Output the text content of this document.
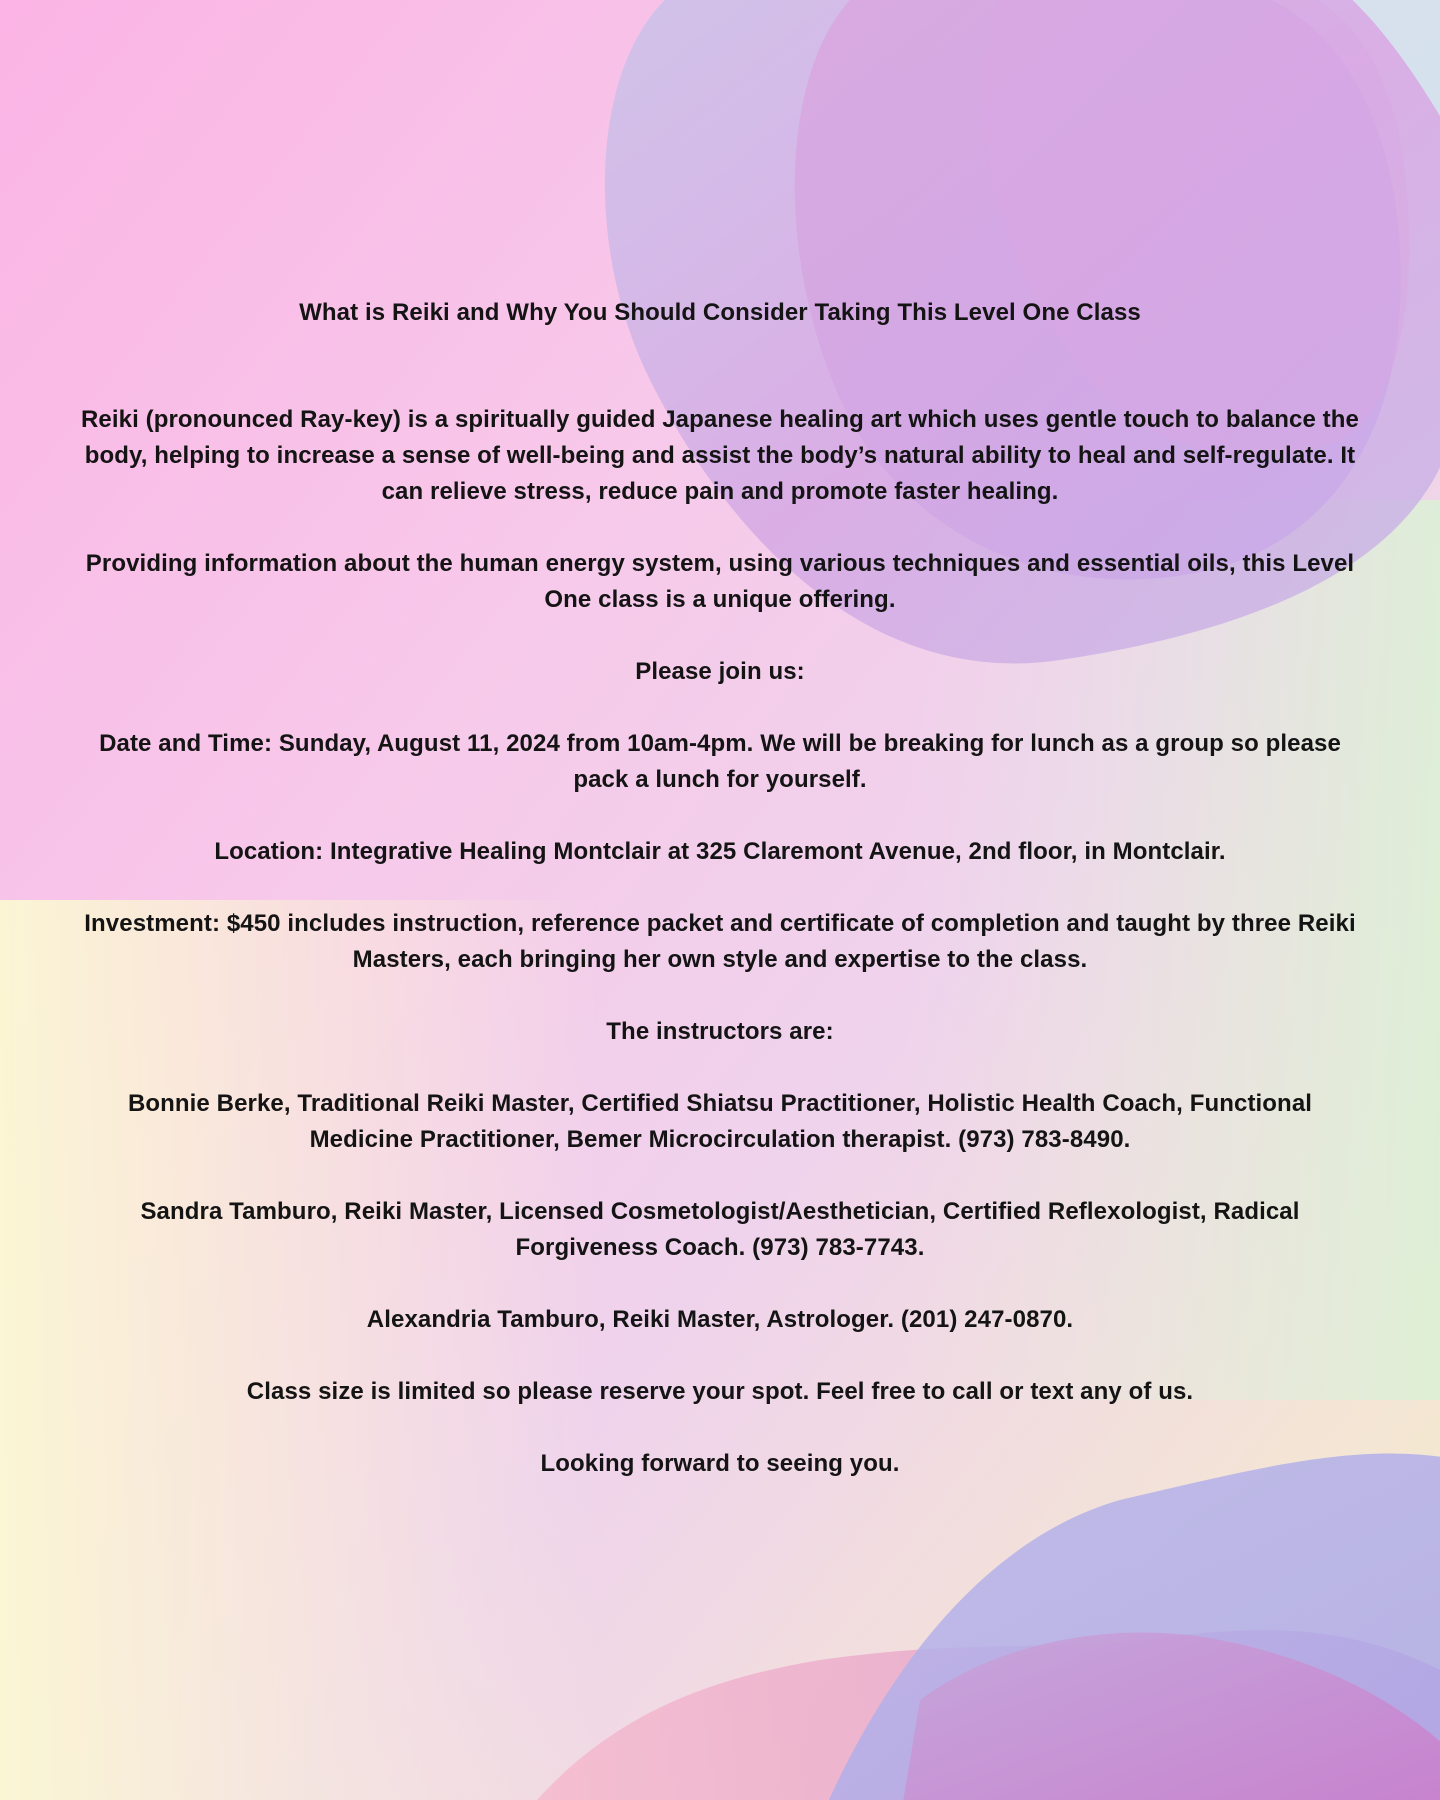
What is Reiki and Why You Should Consider Taking This Level One Class

Reiki (pronounced Ray-key) is a spiritually guided Japanese healing art which uses gentle touch to balance the body, helping to increase a sense of well-being and assist the body’s natural ability to heal and self-regulate. It can relieve stress, reduce pain and promote faster healing.

Providing information about the human energy system, using various techniques and essential oils, this Level One class is a unique offering.

Please join us:

Date and Time: Sunday, August 11, 2024 from 10am-4pm. We will be breaking for lunch as a group so please pack a lunch for yourself.

Location: Integrative Healing Montclair at 325 Claremont Avenue, 2nd floor, in Montclair.

Investment: $450 includes instruction, reference packet and certificate of completion and taught by three Reiki Masters, each bringing her own style and expertise to the class.

The instructors are:

Bonnie Berke, Traditional Reiki Master, Certified Shiatsu Practitioner, Holistic Health Coach, Functional Medicine Practitioner, Bemer Microcirculation therapist. (973) 783-8490.

Sandra Tamburo, Reiki Master, Licensed Cosmetologist/Aesthetician, Certified Reflexologist, Radical Forgiveness Coach. (973) 783-7743.

Alexandria Tamburo, Reiki Master, Astrologer. (201) 247-0870.

Class size is limited so please reserve your spot. Feel free to call or text any of us.

Looking forward to seeing you.
